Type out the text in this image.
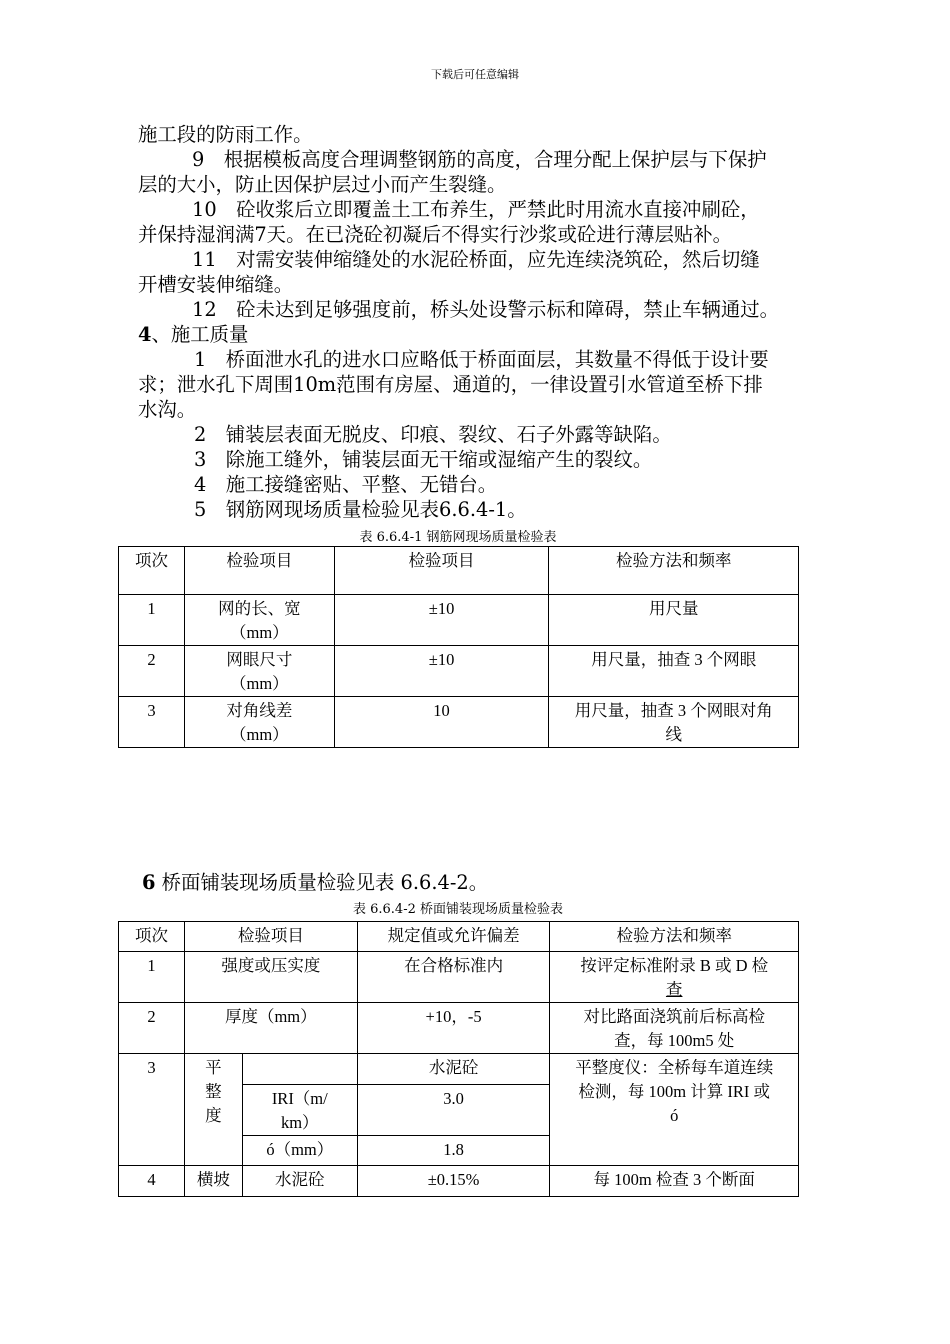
下载后可任意编辑
施工段的防雨工作。
9　根据模板高度合理调整钢筋的高度，合理分配上保护层与下保护
层的大小，防止因保护层过小而产生裂缝。
10　砼收浆后立即覆盖土工布养生，严禁此时用流水直接冲刷砼，
并保持湿润满7天。在已浇砼初凝后不得实行沙浆或砼进行薄层贴补。
11　对需安装伸缩缝处的水泥砼桥面，应先连续浇筑砼，然后切缝
开槽安装伸缩缝。
12　砼未达到足够强度前，桥头处设警示标和障碍，禁止车辆通过。
4、施工质量
1　桥面泄水孔的进水口应略低于桥面面层，其数量不得低于设计要
求；泄水孔下周围10m范围有房屋、通道的，一律设置引水管道至桥下排
水沟。
2　铺装层表面无脱皮、印痕、裂纹、石子外露等缺陷。
3　除施工缝外，铺装层面无干缩或湿缩产生的裂纹。
4　施工接缝密贴、平整、无错台。
5　钢筋网现场质量检验见表6.6.4-1。
表 6.6.4-1 钢筋网现场质量检验表
项次	检验项目	检验项目	检验方法和频率
1	网的长、宽
（mm）	±10	用尺量
2	网眼尺寸
（mm）	±10	用尺量，抽查 3 个网眼
3	对角线差
（mm）	10	用尺量，抽查 3 个网眼对角
线
6 桥面铺装现场质量检验见表 6.6.4-2。
表 6.6.4-2 桥面铺装现场质量检验表
项次	检验项目		规定值或允许偏差	检验方法和频率
1	强度或压实度		在合格标准内	按评定标准附录 B 或 D 检
查
2	厚度（mm）		+10，-5	对比路面浇筑前后标高检
查，每 100m5 处
3	平
整
度		水泥砼	平整度仪：全桥每车道连续
检测，每 100m 计算 IRI 或
ó
		IRI（m/
km）	3.0	
		ó（mm）	1.8	
4	横坡	水泥砼	±0.15%	每 100m 检查 3 个断面
